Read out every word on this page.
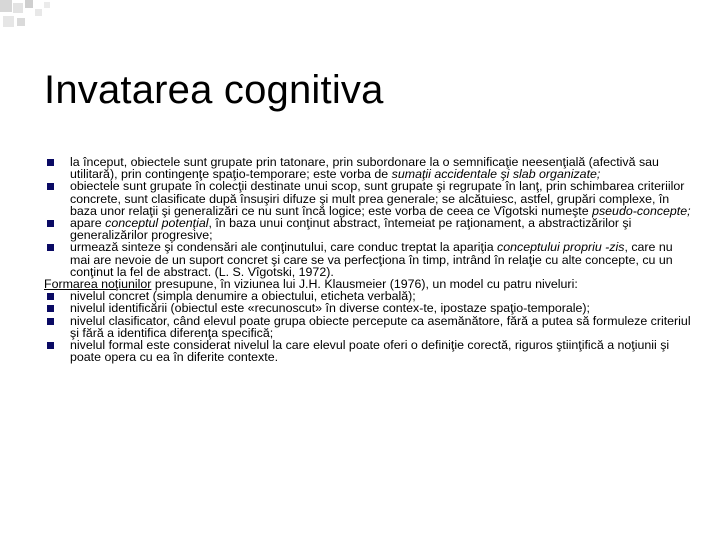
Invatarea cognitiva
la început, obiectele sunt grupate prin tatonare, prin subordonare la o semnificaţie neesenţială (afectivă sau utilitară), prin contingenţe spaţio-temporare; este vorba de sumaţii accidentale şi slab organizate;
obiectele sunt grupate în colecţii destinate unui scop, sunt grupate şi regrupate în lanţ, prin schimbarea criteriilor concrete, sunt clasificate după însuşiri difuze şi mult prea generale; se alcătuiesc, astfel, grupări complexe, în baza unor relaţii şi generalizări ce nu sunt încă logice; este vorba de ceea ce Vîgotski numeşte pseudo-concepte;
apare conceptul potenţial, în baza unui conţinut abstract, întemeiat pe raţionament, a abstractizărilor şi generalizărilor progresive;
urmează sinteze şi condensări ale conţinutului, care conduc treptat la apariţia conceptului propriu -zis, care nu mai are nevoie de un suport concret şi care se va perfecţiona în timp, intrând în relaţie cu alte concepte, cu un conţinut la fel de abstract. (L. S. Vîgotski, 1972).
Formarea noţiunilor presupune, în viziunea lui J.H. Klausmeier (1976), un model cu patru niveluri:
nivelul concret (simpla denumire a obiectului, eticheta verbală);
nivelul identificării (obiectul este «recunoscut» în diverse contex-te, ipostaze spaţio-temporale);
nivelul clasificator, când elevul poate grupa obiecte percepute ca asemănătore, fără a putea să formuleze criteriul şi fără a identifica diferenţa specifică;
nivelul formal este considerat nivelul la care elevul poate oferi o definiţie corectă, riguros ştiinţifică a noţiunii şi poate opera cu ea în diferite contexte.
